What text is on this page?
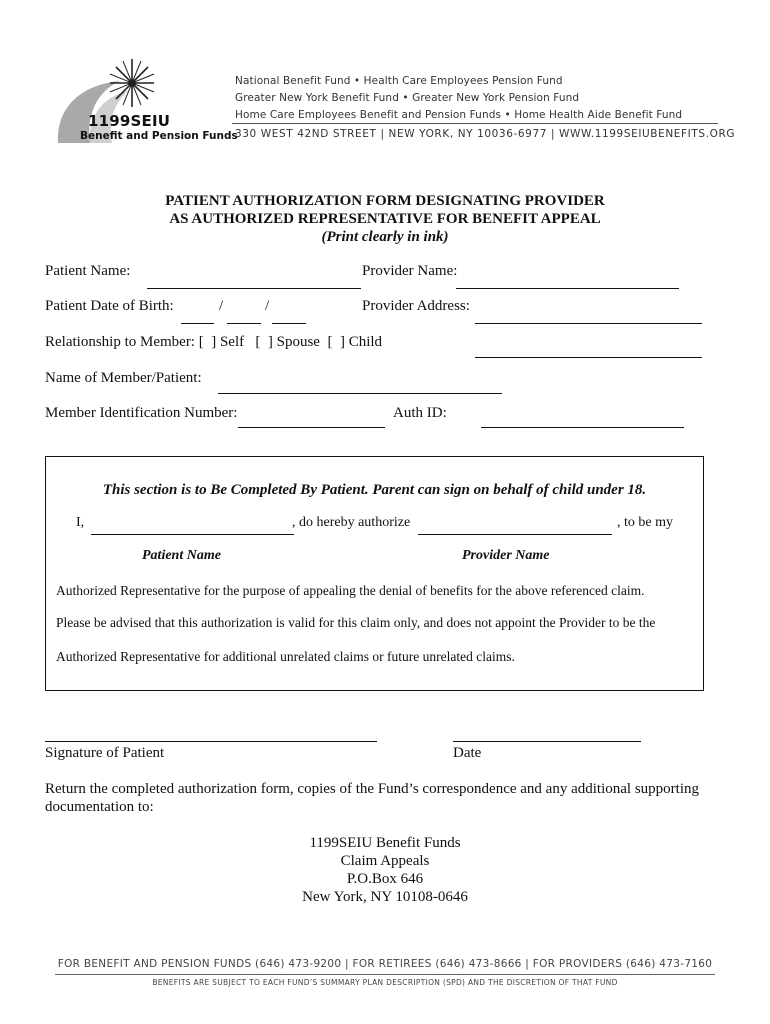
1199SEIU
Benefit and Pension Funds
National Benefit Fund • Health Care Employees Pension Fund
Greater New York Benefit Fund • Greater New York Pension Fund
Home Care Employees Benefit and Pension Funds • Home Health Aide Benefit Fund
330 WEST 42ND STREET | NEW YORK, NY 10036-6977 | WWW.1199SEIUBENEFITS.ORG
PATIENT AUTHORIZATION FORM DESIGNATING PROVIDER
AS AUTHORIZED REPRESENTATIVE FOR BENEFIT APPEAL
(Print clearly in ink)
Patient Name:	Provider Name:
Patient Date of Birth:	/	/	Provider Address:
Relationship to Member: [  ] Self   [  ] Spouse  [  ] Child
Name of Member/Patient:
Member Identification Number:	Auth ID:
This section is to Be Completed By Patient. Parent can sign on behalf of child under 18.
I,	, do hereby authorize	, to be my
Patient Name	Provider Name
Authorized Representative for the purpose of appealing the denial of benefits for the above referenced claim.
Please be advised that this authorization is valid for this claim only, and does not appoint the Provider to be the
Authorized Representative for additional unrelated claims or future unrelated claims.
Signature of Patient	Date
Return the completed authorization form, copies of the Fund’s correspondence and any additional supporting
documentation to:
1199SEIU Benefit Funds
Claim Appeals
P.O.Box 646
New York, NY 10108-0646
FOR BENEFIT AND PENSION FUNDS (646) 473-9200 | FOR RETIREES (646) 473-8666 | FOR PROVIDERS (646) 473-7160
BENEFITS ARE SUBJECT TO EACH FUND’S SUMMARY PLAN DESCRIPTION (SPD) AND THE DISCRETION OF THAT FUND
